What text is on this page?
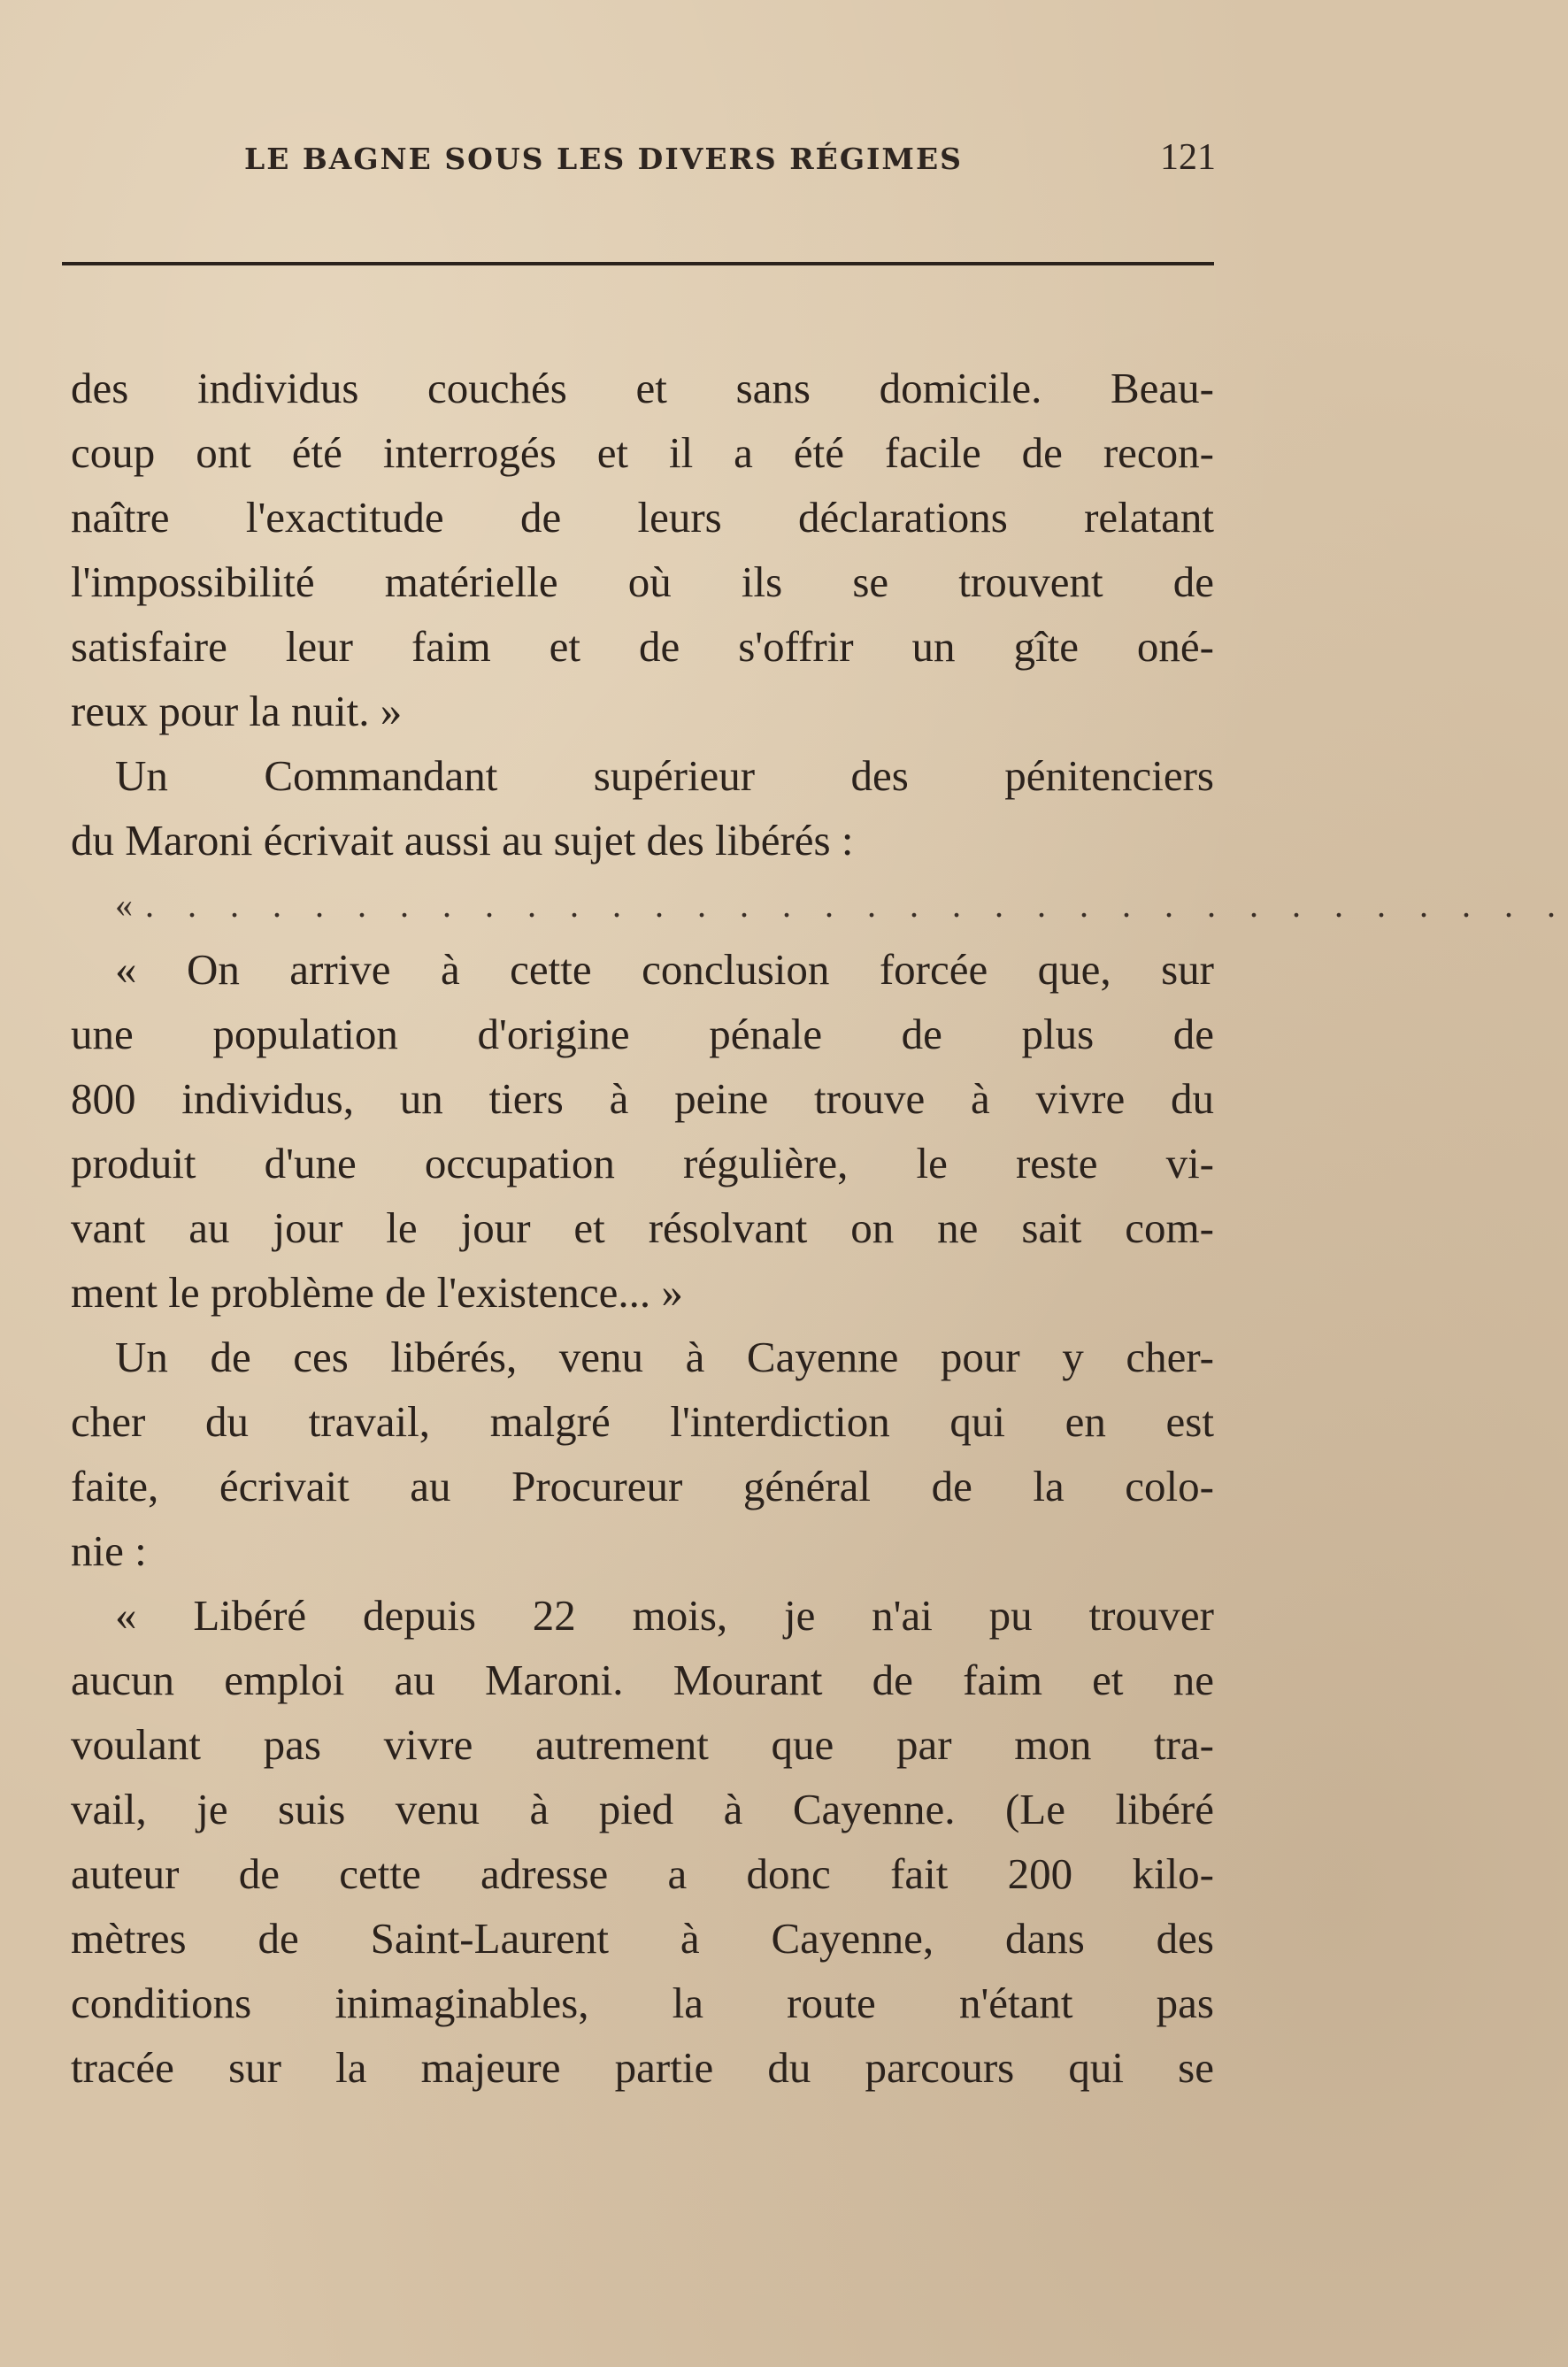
LE BAGNE SOUS LES DIVERS RÉGIMES	121
des individus couchés et sans domicile. Beau-
coup ont été interrogés et il a été facile de recon-
naître l'exactitude de leurs déclarations relatant
l'impossibilité matérielle où ils se trouvent de
satisfaire leur faim et de s'offrir un gîte oné-
reux pour la nuit. »
Un Commandant supérieur des pénitenciers
du Maroni écrivait aussi au sujet des libérés :
«. . . . . . . . . . . . . . . . . . . . . . . . . . . . . . . . . .
« On arrive à cette conclusion forcée que, sur
une population d'origine pénale de plus de
800 individus, un tiers à peine trouve à vivre du
produit d'une occupation régulière, le reste vi-
vant au jour le jour et résolvant on ne sait com-
ment le problème de l'existence... »
Un de ces libérés, venu à Cayenne pour y cher-
cher du travail, malgré l'interdiction qui en est
faite, écrivait au Procureur général de la colo-
nie :
« Libéré depuis 22 mois, je n'ai pu trouver
aucun emploi au Maroni. Mourant de faim et ne
voulant pas vivre autrement que par mon tra-
vail, je suis venu à pied à Cayenne. (Le libéré
auteur de cette adresse a donc fait 200 kilo-
mètres de Saint-Laurent à Cayenne, dans des
conditions inimaginables, la route n'étant pas
tracée sur la majeure partie du parcours qui se
